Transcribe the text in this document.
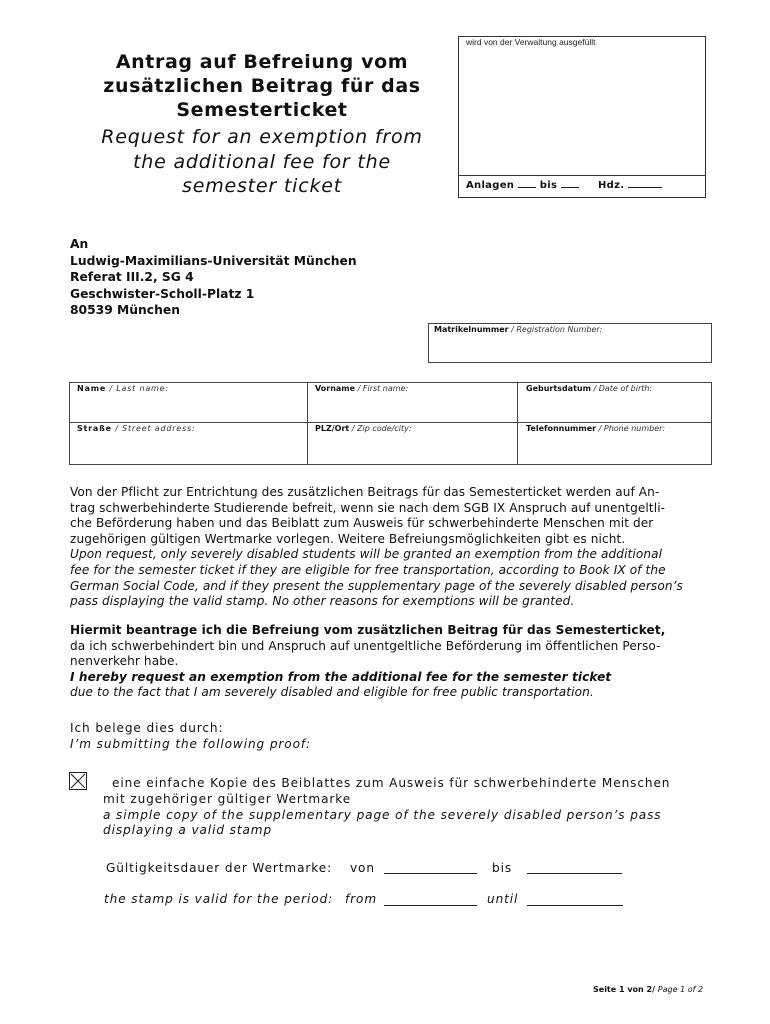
Antrag auf Befreiung vom
zusätzlichen Beitrag für das
Semesterticket
Request for an exemption from
the additional fee for the
semester ticket
wird von der Verwaltung ausgefüllt
Anlagen	bis	Hdz.
An
Ludwig-Maximilians-Universität München
Referat III.2, SG 4
Geschwister-Scholl-Platz 1
80539 München
Matrikelnummer / Registration Number:
Name / Last name:	Vorname / First name:	Geburtsdatum / Date of birth:
Straße / Street address:	PLZ/Ort / Zip code/city:	Telefonnummer / Phone number:
Von der Pflicht zur Entrichtung des zusätzlichen Beitrags für das Semesterticket werden auf An-
trag schwerbehinderte Studierende befreit, wenn sie nach dem SGB IX Anspruch auf unentgeltli-
che Beförderung haben und das Beiblatt zum Ausweis für schwerbehinderte Menschen mit der
zugehörigen gültigen Wertmarke vorlegen. Weitere Befreiungsmöglichkeiten gibt es nicht.
Upon request, only severely disabled students will be granted an exemption from the additional
fee for the semester ticket if they are eligible for free transportation, according to Book IX of the
German Social Code, and if they present the supplementary page of the severely disabled person’s
pass displaying the valid stamp. No other reasons for exemptions will be granted.
Hiermit beantrage ich die Befreiung vom zusätzlichen Beitrag für das Semesterticket,
da ich schwerbehindert bin und Anspruch auf unentgeltliche Beförderung im öffentlichen Perso-
nenverkehr habe.
I hereby request an exemption from the additional fee for the semester ticket
due to the fact that I am severely disabled and eligible for free public transportation.
Ich belege dies durch:
I’m submitting the following proof:
eine einfache Kopie des Beiblattes zum Ausweis für schwerbehinderte Menschen
mit zugehöriger gültiger Wertmarke
a simple copy of the supplementary page of the severely disabled person’s pass
displaying a valid stamp
Gültigkeitsdauer der Wertmarke: von	bis
the stamp is valid for the period: from	until
Seite 1 von 2/ Page 1 of 2
